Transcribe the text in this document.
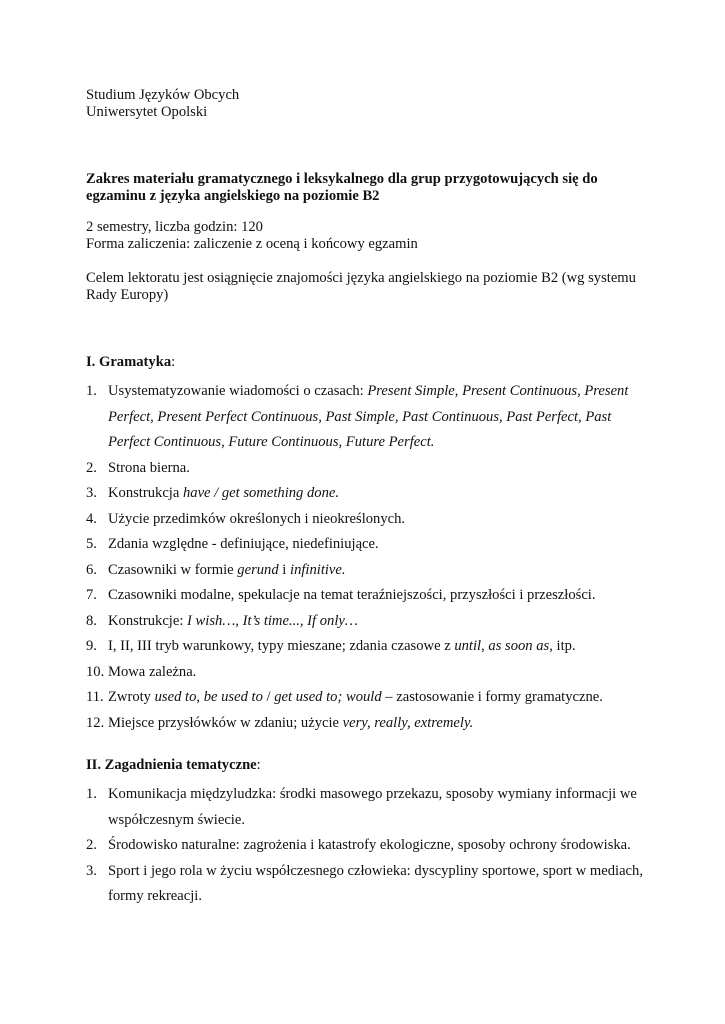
Studium Języków Obcych

Uniwersytet Opolski

Zakres materiału gramatycznego i leksykalnego dla grup przygotowujących się do egzaminu z języka angielskiego na poziomie B2

2 semestry, liczba godzin: 120

Forma zaliczenia: zaliczenie z oceną i końcowy egzamin

Celem lektoratu jest osiągnięcie znajomości języka angielskiego na poziomie B2 (wg systemu Rady Europy)

I. Gramatyka:

1. Usystematyzowanie wiadomości o czasach: Present Simple, Present Continuous, Present Perfect, Present Perfect Continuous, Past Simple, Past Continuous, Past Perfect, Past Perfect Continuous, Future Continuous, Future Perfect.
2. Strona bierna.
3. Konstrukcja have / get something done.
4. Użycie przedimków określonych i nieokreślonych.
5. Zdania względne - definiujące, niedefiniujące.
6. Czasowniki w formie gerund i infinitive.
7. Czasowniki modalne, spekulacje na temat teraźniejszości, przyszłości i przeszłości.
8. Konstrukcje: I wish…, It’s time..., If only…
9. I, II, III tryb warunkowy, typy mieszane; zdania czasowe z until, as soon as, itp.
10. Mowa zależna.
11. Zwroty used to, be used to / get used to; would – zastosowanie i formy gramatyczne.
12. Miejsce przysłówków w zdaniu; użycie very, really, extremely.

II. Zagadnienia tematyczne:

1. Komunikacja międzyludzka: środki masowego przekazu, sposoby wymiany informacji we współczesnym świecie.
2. Środowisko naturalne: zagrożenia i katastrofy ekologiczne, sposoby ochrony środowiska.
3. Sport i jego rola w życiu współczesnego człowieka: dyscypliny sportowe, sport w mediach, formy rekreacji.
